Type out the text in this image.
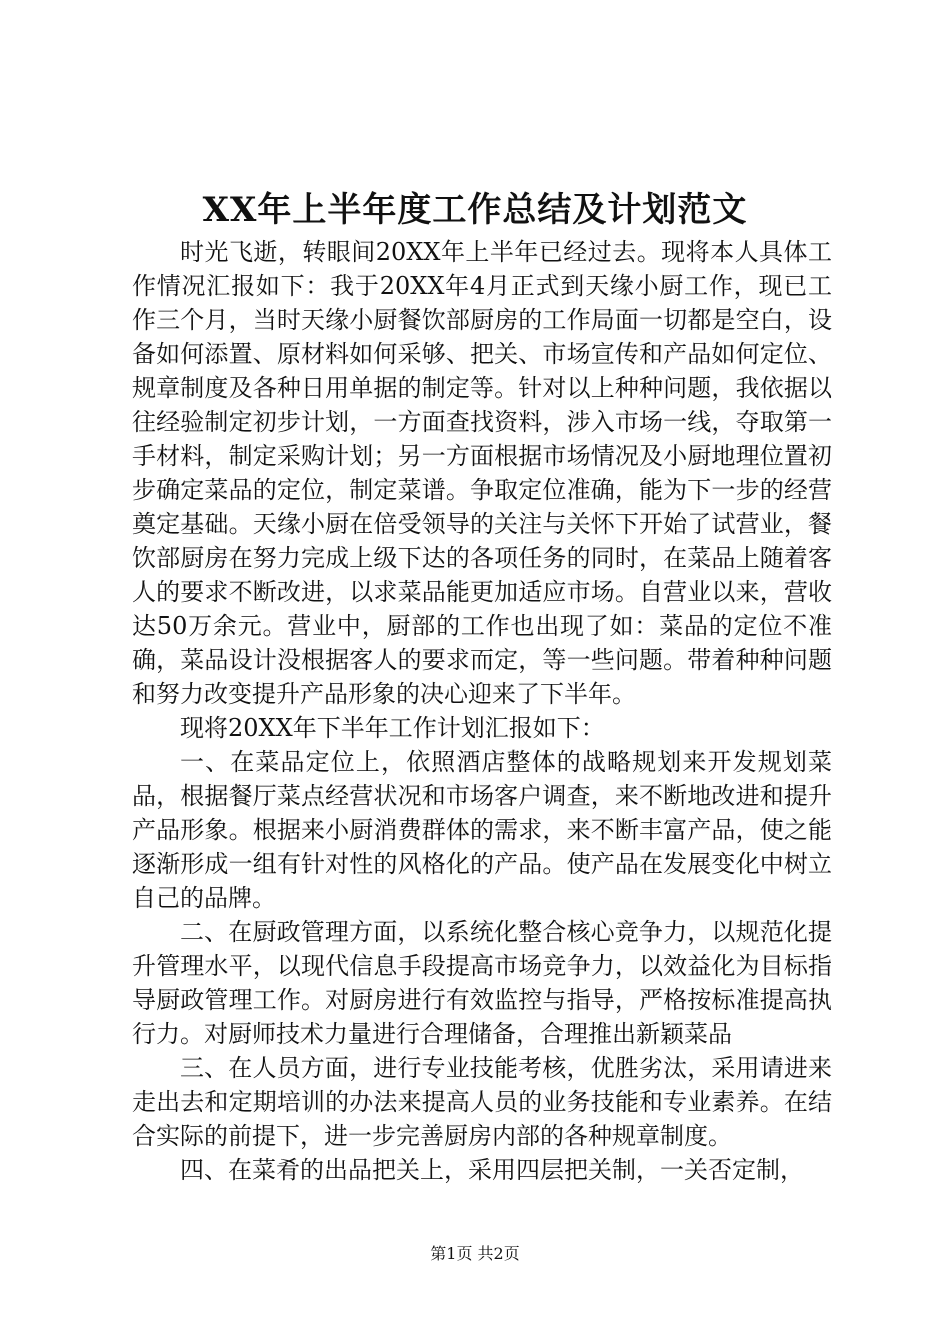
XX年上半年度工作总结及计划范文

时光飞逝，转眼间20XX年上半年已经过去。现将本人具体工作情况汇报如下：我于20XX年4月正式到天缘小厨工作，现已工作三个月，当时天缘小厨餐饮部厨房的工作局面一切都是空白，设备如何添置、原材料如何采够、把关、市场宣传和产品如何定位、规章制度及各种日用单据的制定等。针对以上种种问题，我依据以往经验制定初步计划，一方面查找资料，涉入市场一线，夺取第一手材料，制定采购计划；另一方面根据市场情况及小厨地理位置初步确定菜品的定位，制定菜谱。争取定位准确，能为下一步的经营奠定基础。天缘小厨在倍受领导的关注与关怀下开始了试营业，餐饮部厨房在努力完成上级下达的各项任务的同时，在菜品上随着客人的要求不断改进，以求菜品能更加适应市场。自营业以来，营收达50万余元。营业中，厨部的工作也出现了如：菜品的定位不准确，菜品设计没根据客人的要求而定，等一些问题。带着种种问题和努力改变提升产品形象的决心迎来了下半年。

现将20XX年下半年工作计划汇报如下：

一、在菜品定位上，依照酒店整体的战略规划来开发规划菜品，根据餐厅菜点经营状况和市场客户调查，来不断地改进和提升产品形象。根据来小厨消费群体的需求，来不断丰富产品，使之能逐渐形成一组有针对性的风格化的产品。使产品在发展变化中树立自己的品牌。

二、在厨政管理方面，以系统化整合核心竞争力，以规范化提升管理水平，以现代信息手段提高市场竞争力，以效益化为目标指导厨政管理工作。对厨房进行有效监控与指导，严格按标准提高执行力。对厨师技术力量进行合理储备，合理推出新颖菜品

三、在人员方面，进行专业技能考核，优胜劣汰，采用请进来走出去和定期培训的办法来提高人员的业务技能和专业素养。在结合实际的前提下，进一步完善厨房内部的各种规章制度。

四、在菜肴的出品把关上，采用四层把关制，一关否定制，

第1页 共2页
